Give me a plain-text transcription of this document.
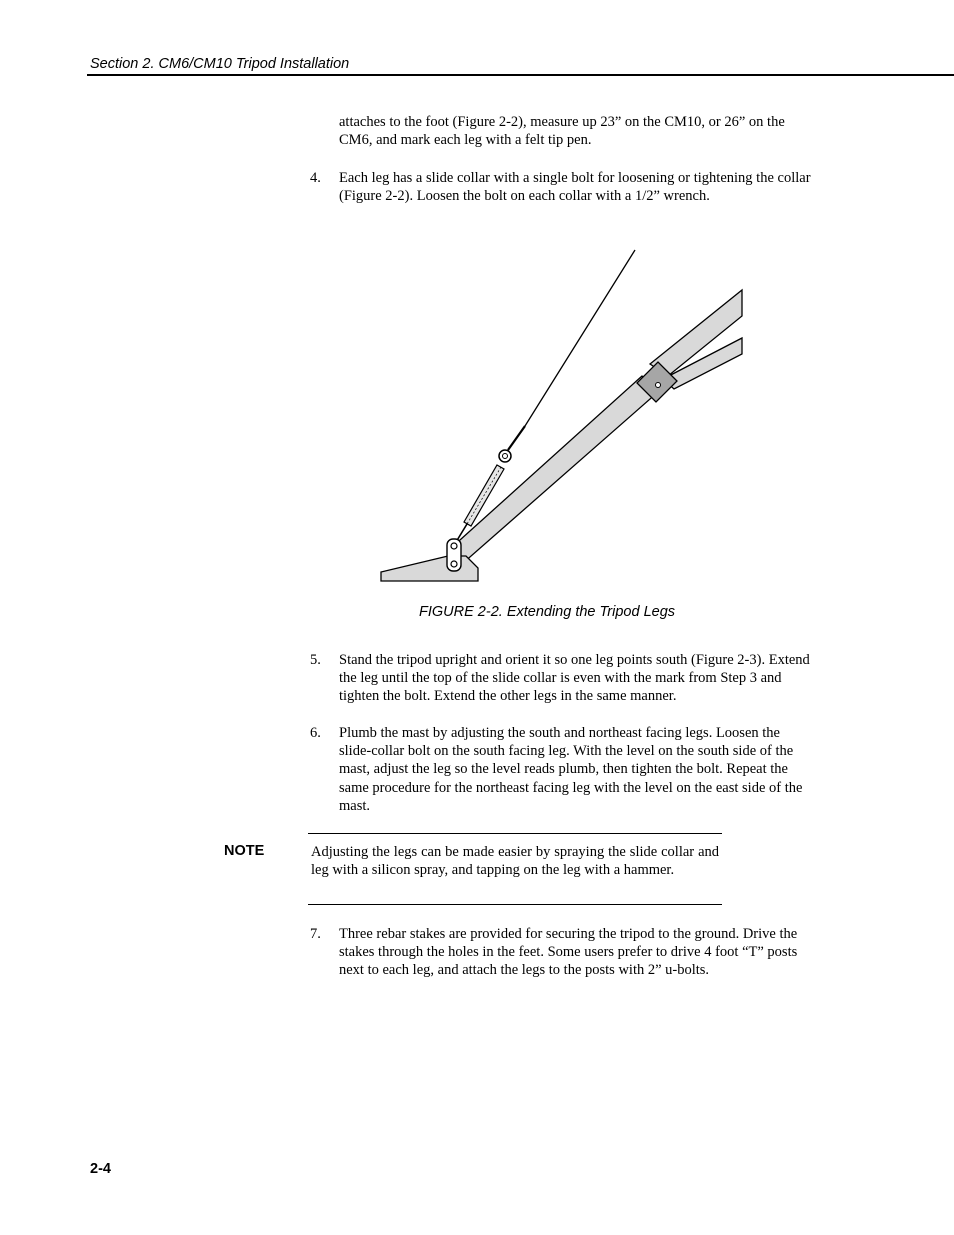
Section 2. CM6/CM10 Tripod Installation
attaches to the foot (Figure 2-2), measure up 23” on the CM10, or 26” on the CM6, and mark each leg with a felt tip pen.
4. Each leg has a slide collar with a single bolt for loosening or tightening the collar (Figure 2-2). Loosen the bolt on each collar with a 1/2” wrench.
FIGURE 2-2. Extending the Tripod Legs
5. Stand the tripod upright and orient it so one leg points south (Figure 2-3). Extend the leg until the top of the slide collar is even with the mark from Step 3 and tighten the bolt. Extend the other legs in the same manner.
6. Plumb the mast by adjusting the south and northeast facing legs. Loosen the slide-collar bolt on the south facing leg. With the level on the south side of the mast, adjust the leg so the level reads plumb, then tighten the bolt. Repeat the same procedure for the northeast facing leg with the level on the east side of the mast.
NOTE	Adjusting the legs can be made easier by spraying the slide collar and leg with a silicon spray, and tapping on the leg with a hammer.
7. Three rebar stakes are provided for securing the tripod to the ground. Drive the stakes through the holes in the feet. Some users prefer to drive 4 foot “T” posts next to each leg, and attach the legs to the posts with 2” u-bolts.
2-4
